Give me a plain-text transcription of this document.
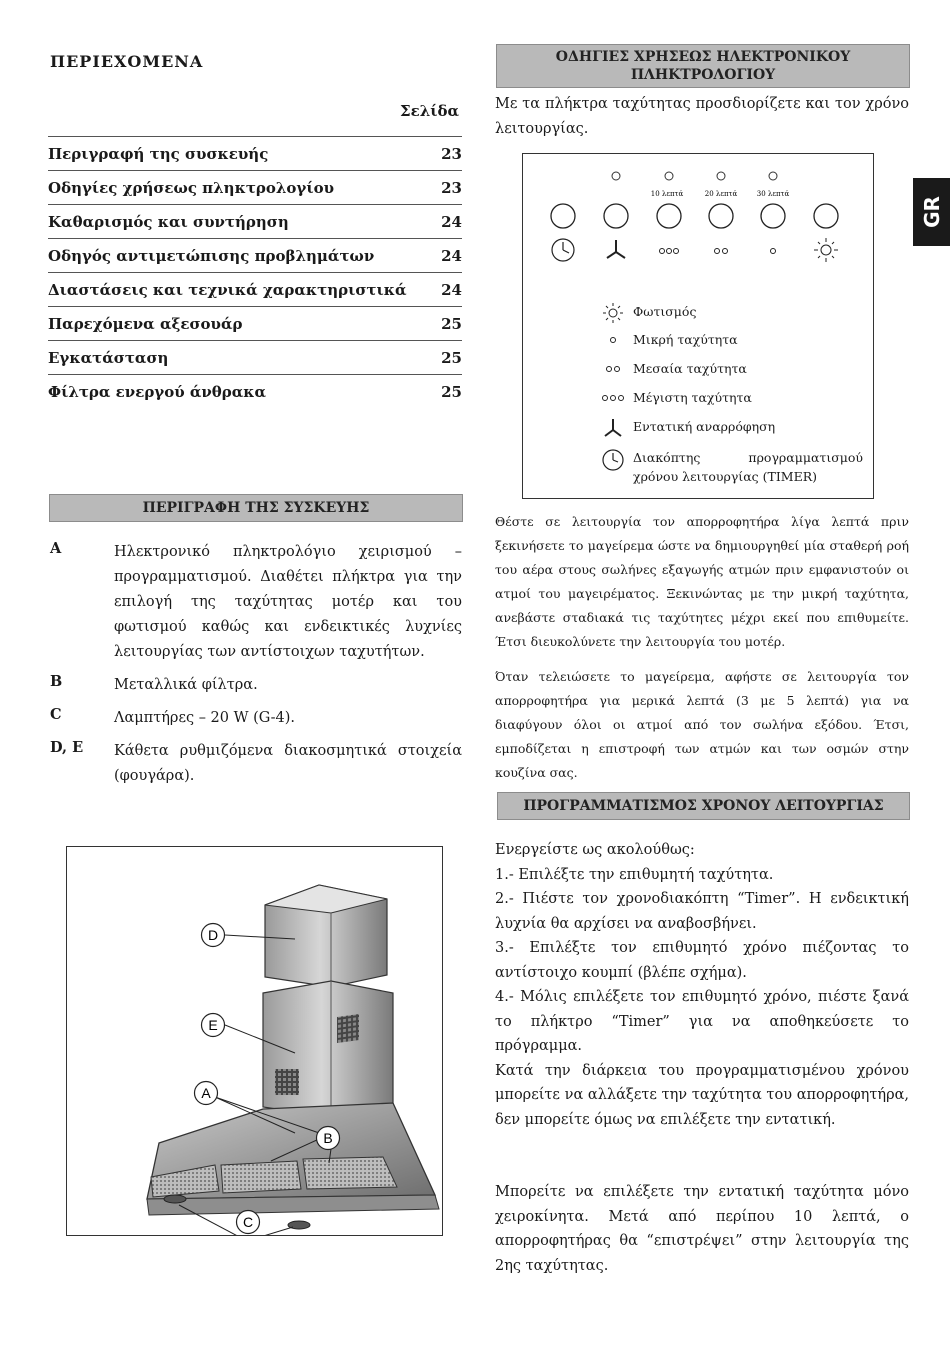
GR
ΠΕΡΙΕΧΟΜΕΝΑ
Σελίδα
Περιγραφή της συσκευής	23
Οδηγίες χρήσεως πληκτρολογίου	23
Καθαρισμός και συντήρηση	24
Οδηγός αντιμετώπισης προβλημάτων	24
Διαστάσεις και τεχνικά χαρακτηριστικά	24
Παρεχόμενα αξεσουάρ	25
Εγκατάσταση	25
Φίλτρα ενεργού άνθρακα	25
ΠΕΡΙΓΡΑΦΗ ΤΗΣ ΣΥΣΚΕΥΗΣ
A	Ηλεκτρονικό πληκτρολόγιο χειρισμού – προγραμματισμού. Διαθέτει πλήκτρα για την επιλογή της ταχύτητας μοτέρ και του φωτισμού καθώς και ενδεικτικές λυχνίες λειτουργίας των αντίστοιχων ταχυτήτων.
B	Μεταλλικά φίλτρα.
C	Λαμπτήρες – 20 W (G-4).
D, E	Κάθετα ρυθμιζόμενα διακοσμητικά στοιχεία (φουγάρα).
D
E
A
B
C
ΟΔΗΓΙΕΣ ΧΡΗΣΕΩΣ ΗΛΕΚΤΡΟΝΙΚΟΥ ΠΛΗΚΤΡΟΛΟΓΙΟΥ
Με τα πλήκτρα ταχύτητας προσδιορίζετε και τον χρόνο λειτουργίας.
10 λεπτά	20 λεπτά	30 λεπτά
Φωτισμός
Μικρή ταχύτητα
Μεσαία ταχύτητα
Μέγιστη ταχύτητα
Εντατική αναρρόφηση
Διακόπτης προγραμματισμού χρόνου λειτουργίας (TIMER)
Θέστε σε λειτουργία τον απορροφητήρα λίγα λεπτά πριν ξεκινήσετε το μαγείρεμα ώστε να δημιουργηθεί μία σταθερή ροή του αέρα στους σωλήνες εξαγωγής ατμών πριν εμφανιστούν οι ατμοί του μαγειρέματος. Ξεκινώντας με την μικρή ταχύτητα, ανεβάστε σταδιακά τις ταχύτητες μέχρι εκεί που επιθυμείτε. Έτσι διευκολύνετε την λειτουργία του μοτέρ.
Όταν τελειώσετε το μαγείρεμα, αφήστε σε λειτουργία τον απορροφητήρα για μερικά λεπτά (3 με 5 λεπτά) για να διαφύγουν όλοι οι ατμοί από τον σωλήνα εξόδου. Έτσι, εμποδίζεται η επιστροφή των ατμών και των οσμών στην κουζίνα σας.
ΠΡΟΓΡΑΜΜΑΤΙΣΜΟΣ ΧΡΟΝΟΥ ΛΕΙΤΟΥΡΓΙΑΣ
Ενεργείστε ως ακολούθως:
1.- Επιλέξτε την επιθυμητή ταχύτητα.
2.- Πιέστε τον χρονοδιακόπτη “Timer”. Η ενδεικτική λυχνία θα αρχίσει να αναβοσβήνει.
3.- Επιλέξτε τον επιθυμητό χρόνο πιέζοντας το αντίστοιχο κουμπί (βλέπε σχήμα).
4.- Μόλις επιλέξετε τον επιθυμητό χρόνο, πιέστε ξανά το πλήκτρο “Timer” για να αποθηκεύσετε το πρόγραμμα.
Κατά την διάρκεια του προγραμματισμένου χρόνου μπορείτε να αλλάξετε την ταχύτητα του απορροφητήρα, δεν μπορείτε όμως να επιλέξετε την εντατική.
Μπορείτε να επιλέξετε την εντατική ταχύτητα μόνο χειροκίνητα. Μετά από περίπου 10 λεπτά, ο απορροφητήρας θα “επιστρέψει” στην λειτουργία της 2ης ταχύτητας.
